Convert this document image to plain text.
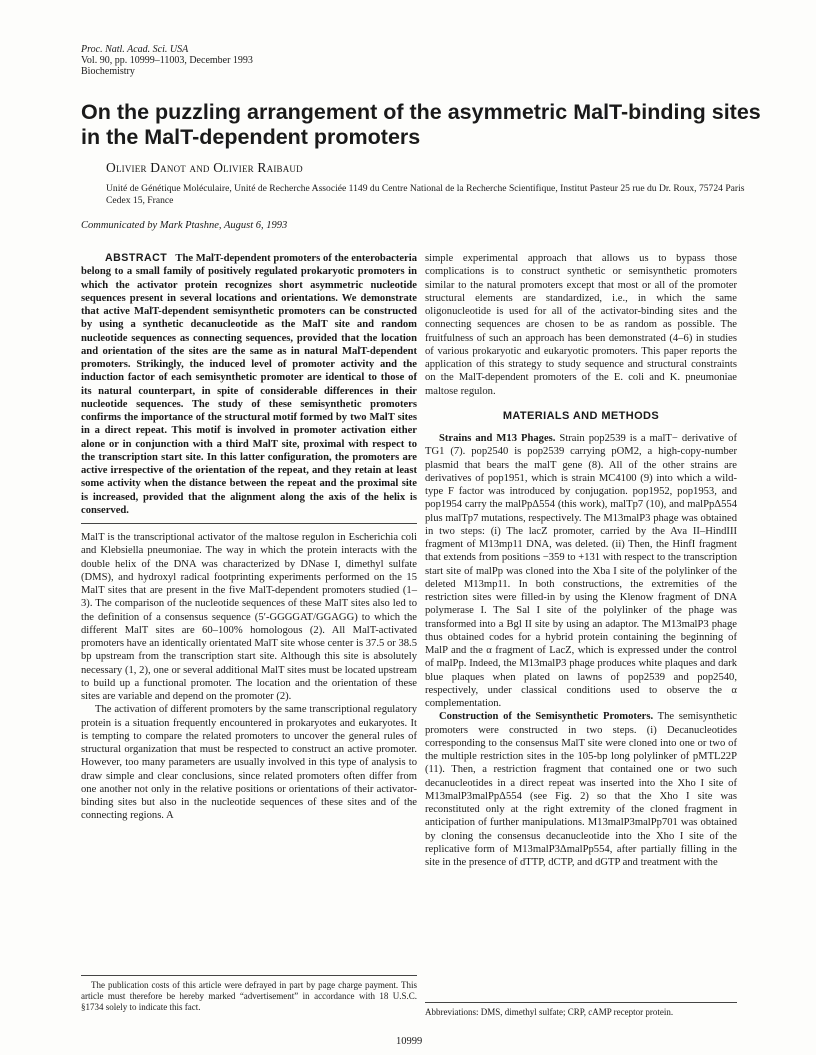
Proc. Natl. Acad. Sci. USA
Vol. 90, pp. 10999–11003, December 1993
Biochemistry
On the puzzling arrangement of the asymmetric MalT-binding sites in the MalT-dependent promoters
Olivier Danot and Olivier Raibaud
Unité de Génétique Moléculaire, Unité de Recherche Associée 1149 du Centre National de la Recherche Scientifique, Institut Pasteur 25 rue du Dr. Roux, 75724 Paris Cedex 15, France
Communicated by Mark Ptashne, August 6, 1993

ABSTRACT The MalT-dependent promoters of the enterobacteria belong to a small family of positively regulated prokaryotic promoters in which the activator protein recognizes short asymmetric nucleotide sequences present in several locations and orientations. We demonstrate that active MalT-dependent semisynthetic promoters can be constructed by using a synthetic decanucleotide as the MalT site and random nucleotide sequences as connecting sequences, provided that the location and orientation of the sites are the same as in natural MalT-dependent promoters. Strikingly, the induced level of promoter activity and the induction factor of each semisynthetic promoter are identical to those of its natural counterpart, in spite of considerable differences in their nucleotide sequences. The study of these semisynthetic promoters confirms the importance of the structural motif formed by two MalT sites in a direct repeat. This motif is involved in promoter activation either alone or in conjunction with a third MalT site, proximal with respect to the transcription start site. In this latter configuration, the promoters are active irrespective of the orientation of the repeat, and they retain at least some activity when the distance between the repeat and the proximal site is increased, provided that the alignment along the axis of the helix is conserved.

MalT is the transcriptional activator of the maltose regulon in Escherichia coli and Klebsiella pneumoniae. The way in which the protein interacts with the double helix of the DNA was characterized by DNase I, dimethyl sulfate (DMS), and hydroxyl radical footprinting experiments performed on the 15 MalT sites that are present in the five MalT-dependent promoters studied (1–3). The comparison of the nucleotide sequences of these MalT sites also led to the definition of a consensus sequence (5′-GGGGAT/GGAGG) to which the different MalT sites are 60–100% homologous (2). All MalT-activated promoters have an identically orientated MalT site whose center is 37.5 or 38.5 bp upstream from the transcription start site. Although this site is absolutely necessary (1, 2), one or several additional MalT sites must be located upstream to build up a functional promoter. The location and the orientation of these sites are variable and depend on the promoter (2).

The activation of different promoters by the same transcriptional regulatory protein is a situation frequently encountered in prokaryotes and eukaryotes. It is tempting to compare the related promoters to uncover the general rules of structural organization that must be respected to construct an active promoter. However, too many parameters are usually involved in this type of analysis to draw simple and clear conclusions, since related promoters often differ from one another not only in the relative positions or orientations of their activator-binding sites but also in the nucleotide sequences of these sites and of the connecting regions. A

simple experimental approach that allows us to bypass those complications is to construct synthetic or semisynthetic promoters similar to the natural promoters except that most or all of the promoter structural elements are standardized, i.e., in which the same oligonucleotide is used for all of the activator-binding sites and the connecting sequences are chosen to be as random as possible. The fruitfulness of such an approach has been demonstrated (4–6) in studies of various prokaryotic and eukaryotic promoters. This paper reports the application of this strategy to study sequence and structural constraints on the MalT-dependent promoters of the E. coli and K. pneumoniae maltose regulon.

MATERIALS AND METHODS

Strains and M13 Phages. Strain pop2539 is a malT− derivative of TG1 (7). pop2540 is pop2539 carrying pOM2, a high-copy-number plasmid that bears the malT gene (8). All of the other strains are derivatives of pop1951, which is strain MC4100 (9) into which a wild-type F factor was introduced by conjugation. pop1952, pop1953, and pop1954 carry the malPpΔ554 (this work), malTp7 (10), and malPpΔ554 plus malTp7 mutations, respectively. The M13malP3 phage was obtained in two steps: (i) The lacZ promoter, carried by the Ava II–HindIII fragment of M13mp11 DNA, was deleted. (ii) Then, the HinfI fragment that extends from positions −359 to +131 with respect to the transcription start site of malPp was cloned into the Xba I site of the polylinker of the deleted M13mp11. In both constructions, the extremities of the restriction sites were filled-in by using the Klenow fragment of DNA polymerase I. The Sal I site of the polylinker of the phage was transformed into a Bgl II site by using an adaptor. The M13malP3 phage thus obtained codes for a hybrid protein containing the beginning of MalP and the α fragment of LacZ, which is expressed under the control of malPp. Indeed, the M13malP3 phage produces white plaques and dark blue plaques when plated on lawns of pop2539 and pop2540, respectively, under classical conditions used to observe the α complementation.

Construction of the Semisynthetic Promoters. The semisynthetic promoters were constructed in two steps. (i) Decanucleotides corresponding to the consensus MalT site were cloned into one or two of the multiple restriction sites in the 105-bp long polylinker of pMTL22P (11). Then, a restriction fragment that contained one or two such decanucleotides in a direct repeat was inserted into the Xho I site of M13malP3malPpΔ554 (see Fig. 2) so that the Xho I site was reconstituted only at the right extremity of the cloned fragment in anticipation of further manipulations. M13malP3malPp701 was obtained by cloning the consensus decanucleotide into the Xho I site of the replicative form of M13malP3ΔmalPp554, after partially filling in the site in the presence of dTTP, dCTP, and dGTP and treatment with the

The publication costs of this article were defrayed in part by page charge payment. This article must therefore be hereby marked “advertisement” in accordance with 18 U.S.C. §1734 solely to indicate this fact.	Abbreviations: DMS, dimethyl sulfate; CRP, cAMP receptor protein.

10999
